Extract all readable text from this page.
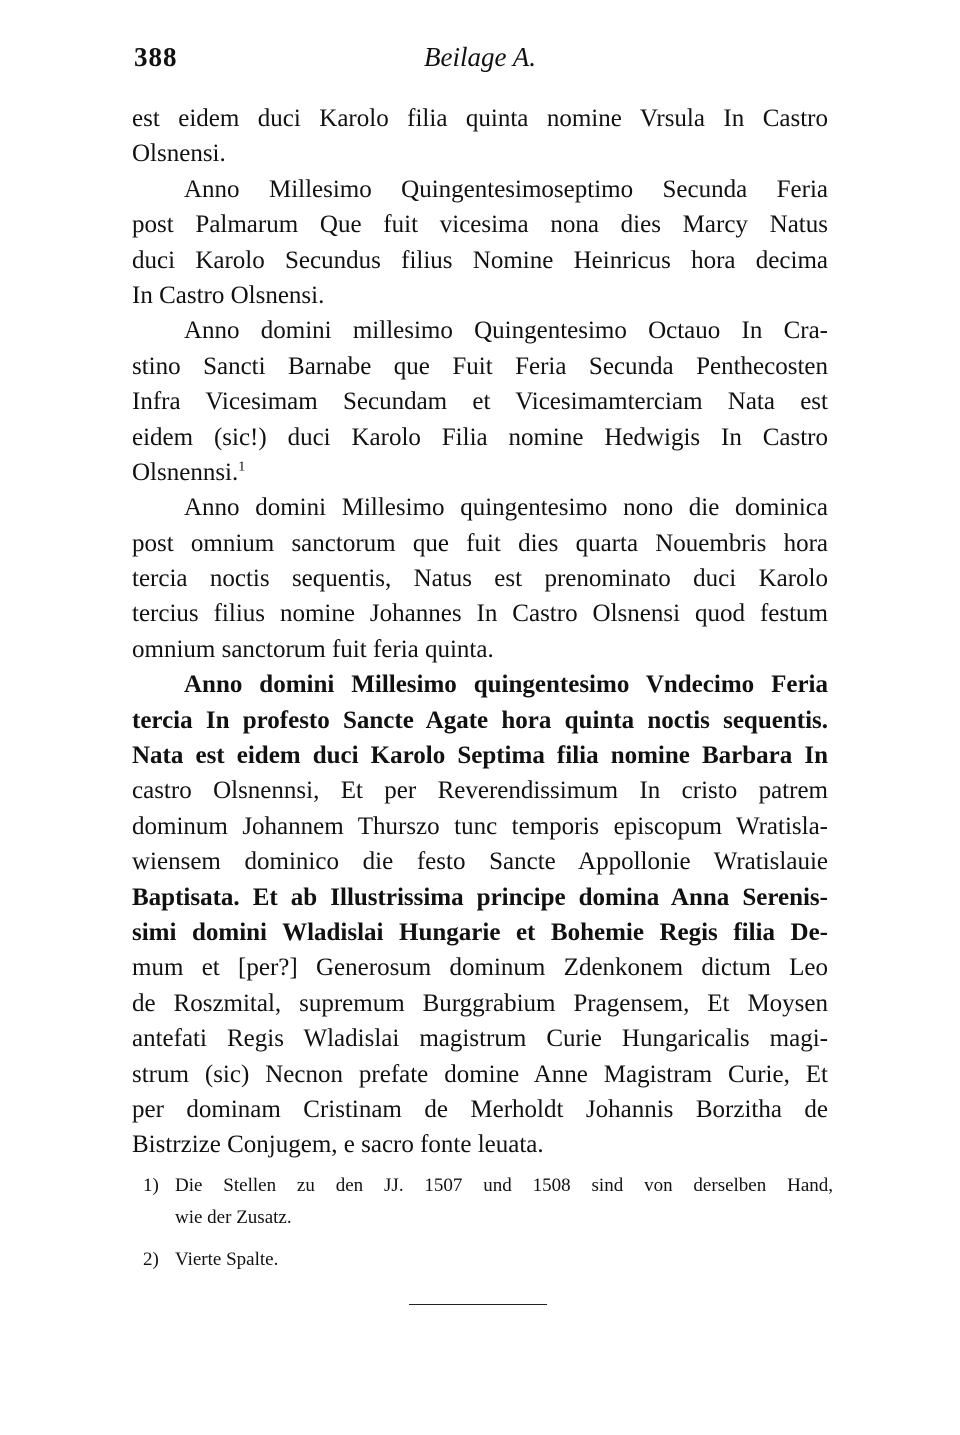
388	Beilage A.
est eidem duci Karolo filia quinta nomine Vrsula In Castro
Olsnensi.
Anno Millesimo Quingentesimoseptimo Secunda Feria
post Palmarum Que fuit vicesima nona dies Marcy Natus
duci Karolo Secundus filius Nomine Heinricus hora decima
In Castro Olsnensi.
Anno domini millesimo Quingentesimo Octauo In Cra-
stino Sancti Barnabe que Fuit Feria Secunda Penthecosten
Infra Vicesimam Secundam et Vicesimamterciam Nata est
eidem (sic!) duci Karolo Filia nomine Hedwigis In Castro
Olsnennsi.$^1$
Anno domini Millesimo quingentesimo nono die dominica
post omnium sanctorum que fuit dies quarta Nouembris hora
tercia noctis sequentis, Natus est prenominato duci Karolo
tercius filius nomine Johannes In Castro Olsnensi quod festum
omnium sanctorum fuit feria quinta.
Anno domini Millesimo quingentesimo Vndecimo Feria
tercia In profesto Sancte Agate hora quinta noctis sequentis.
Nata est eidem duci Karolo Septima filia nomine Barbara In
castro Olsnennsi, Et per Reverendissimum In cristo patrem
dominum Johannem Thurszo tunc temporis episcopum Wratisla-
wiensem dominico die festo Sancte Appollonie Wratislauie
Baptisata. Et ab Illustrissima principe domina Anna Serenis-
simi domini Wladislai Hungarie et Bohemie Regis filia De-
mum et [per?] Generosum dominum Zdenkonem dictum Leo
de Roszmital, supremum Burggrabium Pragensem, Et Moysen
antefati Regis Wladislai magistrum Curie Hungaricalis magi-
strum (sic) Necnon prefate domine Anne Magistram Curie, Et
per dominam Cristinam de Merholdt Johannis Borzitha de
Bistrzize Conjugem, e sacro fonte leuata.
1) Die Stellen zu den JJ. 1507 und 1508 sind von derselben Hand,
wie der Zusatz.
2) Vierte Spalte.
